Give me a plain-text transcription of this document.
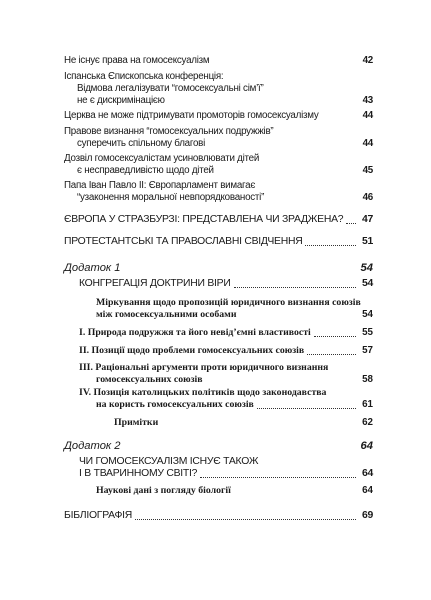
Не існує права на гомосексуалізм	42
Іспанська Єпископська конференція:
Відмова легалізувати “гомосексуальні сім’ї”
не є дискримінацією	43
Церква не може підтримувати промоторів гомосексуалізму	44
Правове визнання “гомосексуальних подружжів”
суперечить спільному благові	44
Дозвіл гомосексуалістам усиновлювати дітей
є несправедливістю щодо дітей	45
Папа Іван Павло II: Європарламент вимагає
“узаконення моральної невпорядкованості”	46
ЄВРОПА У СТРАЗБУРЗІ: ПРЕДСТАВЛЕНА ЧИ ЗРАДЖЕНА? 47
ПРОТЕСТАНТСЬКІ ТА ПРАВОСЛАВНІ СВІДЧЕННЯ	51
Додаток 1	54
КОНГРЕГАЦІЯ ДОКТРИНИ ВІРИ	54
Міркування щодо пропозицій юридичного визнання союзів
між гомосексуальними особами	54
I. Природа подружжя та його невідʼємні властивості	55
II. Позиції щодо проблеми гомосексуальних союзів	57
III. Раціональні аргументи проти юридичного визнання
гомосексуальних союзів	58
IV. Позиція католицьких політиків щодо законодавства
на користь гомосексуальних союзів	61
Примітки	62
Додаток 2	64
ЧИ ГОМОСЕКСУАЛІЗМ ІСНУЄ ТАКОЖ
І В ТВАРИННОМУ СВІТІ?	64
Наукові дані з погляду біології	64
БІБЛІОГРАФІЯ	69
